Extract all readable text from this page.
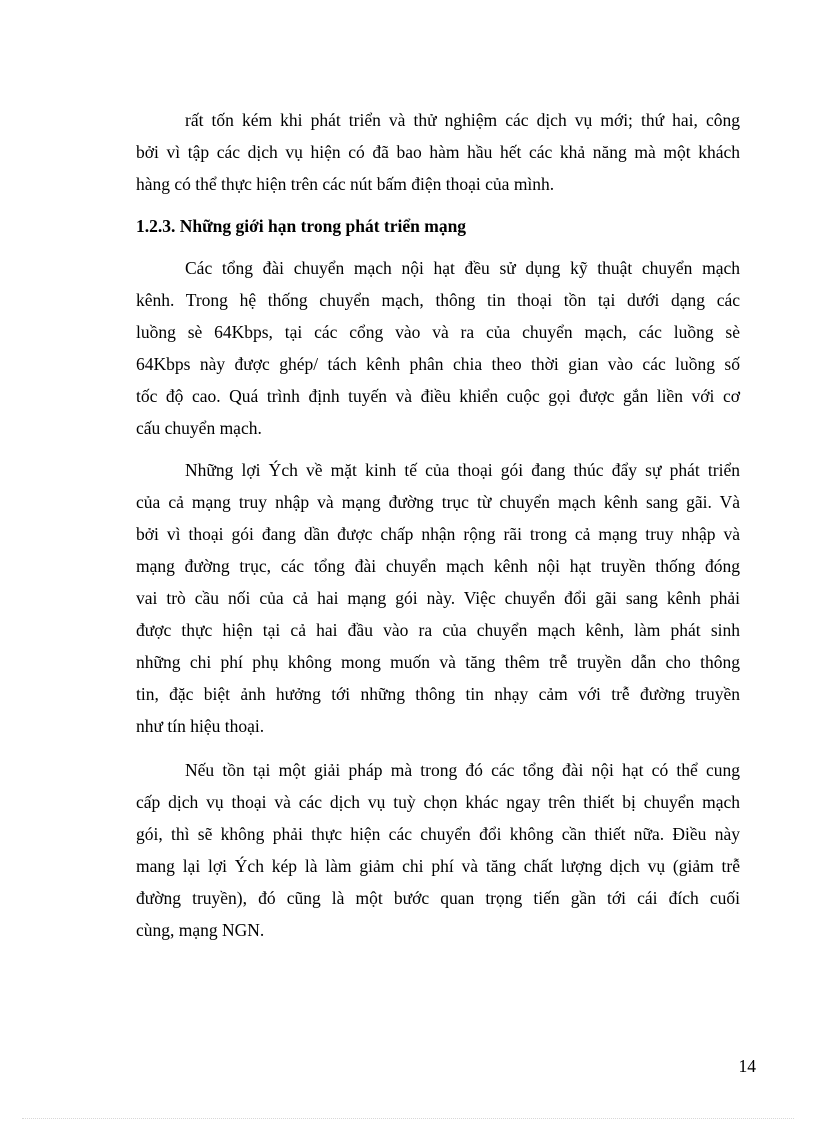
rất tốn kém khi phát triển và thử nghiệm các dịch vụ mới; thứ hai, công
bởi vì tập các dịch vụ hiện có đã bao hàm hầu hết các khả năng mà một khách
hàng có thể thực hiện trên các nút bấm điện thoại của mình.
1.2.3. Những giới hạn trong phát triển mạng
Các tổng đài chuyển mạch nội hạt đều sử dụng kỹ thuật chuyển mạch
kênh. Trong hệ thống chuyển mạch, thông tin thoại tồn tại dưới dạng các
luồng sè 64Kbps, tại các cổng vào và ra của chuyển mạch, các luồng sè
64Kbps này được ghép/ tách kênh phân chia theo thời gian vào các luồng số
tốc độ cao. Quá trình định tuyến và điều khiển cuộc gọi được gắn liền với cơ
cấu chuyển mạch.
Những lợi Ých về mặt kinh tế của thoại gói đang thúc đẩy sự phát triển
của cả mạng truy nhập và mạng đường trục từ chuyển mạch kênh sang gãi. Và
bởi vì thoại gói đang dần được chấp nhận rộng rãi trong cả mạng truy nhập và
mạng đường trục, các tổng đài chuyển mạch kênh nội hạt truyền thống đóng
vai trò cầu nối của cả hai mạng gói này. Việc chuyển đổi gãi sang kênh phải
được thực hiện tại cả hai đầu vào ra của chuyển mạch kênh, làm phát sinh
những chi phí phụ không mong muốn và tăng thêm trễ truyền dẫn cho thông
tin, đặc biệt ảnh hưởng tới những thông tin nhạy cảm với trễ đường truyền
như tín hiệu thoại.
Nếu tồn tại một giải pháp mà trong đó các tổng đài nội hạt có thể cung
cấp dịch vụ thoại và các dịch vụ tuỳ chọn khác ngay trên thiết bị chuyển mạch
gói, thì sẽ không phải thực hiện các chuyển đổi không cần thiết nữa. Điều này
mang lại lợi Ých kép là làm giảm chi phí và tăng chất lượng dịch vụ (giảm trễ
đường truyền), đó cũng là một bước quan trọng tiến gần tới cái đích cuối
cùng, mạng NGN.
14
